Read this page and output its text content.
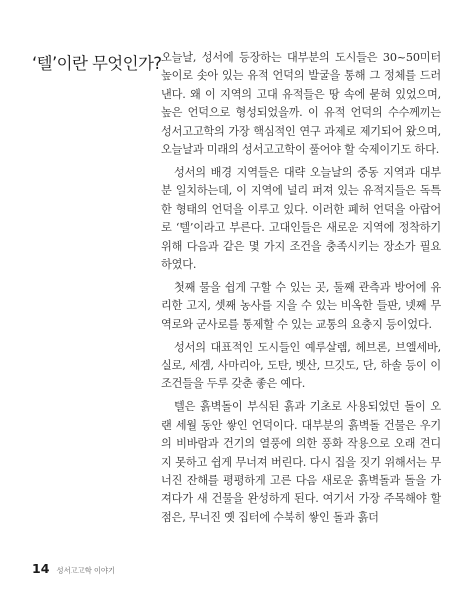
‘텔’이란 무엇인가? 오늘날, 성서에 등장하는 대부분의 도시들은 30~50미터 높이로 솟아 있는 유적 언덕의 발굴을 통해 그 정체를 드러낸다. 왜 이 지역의 고대 유적들은 땅 속에 묻혀 있었으며, 높은 언덕으로 형성되었을까. 이 유적 언덕의 수수께끼는 성서고고학의 가장 핵심적인 연구 과제로 제기되어 왔으며, 오늘날과 미래의 성서고고학이 풀어야 할 숙제이기도 하다.

성서의 배경 지역들은 대략 오늘날의 중동 지역과 대부분 일치하는데, 이 지역에 널리 퍼져 있는 유적지들은 독특한 형태의 언덕을 이루고 있다. 이러한 폐허 언덕을 아랍어로 ‘텔’이라고 부른다. 고대인들은 새로운 지역에 정착하기 위해 다음과 같은 몇 가지 조건을 충족시키는 장소가 필요하였다.

첫째 물을 쉽게 구할 수 있는 곳, 둘째 관측과 방어에 유리한 고지, 셋째 농사를 지을 수 있는 비옥한 들판, 넷째 무역로와 군사로를 통제할 수 있는 교통의 요충지 등이었다.

성서의 대표적인 도시들인 예루살렘, 헤브론, 브엘세바, 실로, 세겜, 사마리아, 도탄, 벳산, 므깃도, 단, 하솔 등이 이 조건들을 두루 갖춘 좋은 예다.

텔은 흙벽돌이 부식된 흙과 기초로 사용되었던 돌이 오랜 세월 동안 쌓인 언덕이다. 대부분의 흙벽돌 건물은 우기의 비바람과 건기의 열풍에 의한 풍화 작용으로 오래 견디지 못하고 쉽게 무너져 버린다. 다시 집을 짓기 위해서는 무너진 잔해를 평평하게 고른 다음 새로운 흙벽돌과 돌을 가져다가 새 건물을 완성하게 된다. 여기서 가장 주목해야 할 점은, 무너진 옛 집터에 수북히 쌓인 돌과 흙더

14 성서고고학 이야기
